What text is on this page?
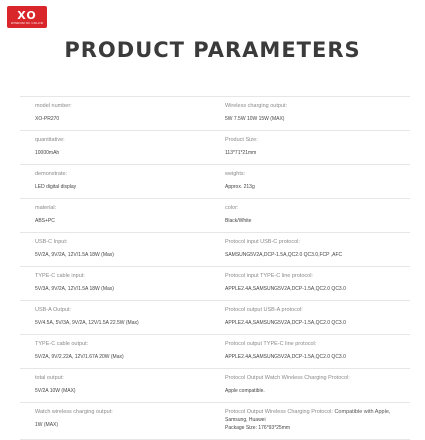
XO
WISDOM OF COLOR
PRODUCT PARAMETERS
model number:
XO-PR270
Wireless charging output:
5W 7.5W 10W 15W (MAX)
quantitative:
10000mAh
Product Size:
113*71*21mm
demonstrate:
LED digital display
weights:
Approx. 213g
material:
ABS+PC
color:
Black/White
USB-C Input:
5V/2A, 9V/2A, 12V/1.5A 18W (Max)
Protocol input USB-C protocol:
SAMSUNG5V2A,DCP-1.5A,QC2.0 QC3.0,FCP ,AFC
TYPE-C cable input:
5V/3A, 9V/2A, 12V/1.5A 18W (Max)
Protocol input TYPE-C line protocol:
APPLE2.4A,SAMSUNG5V2A,DCP-1.5A,QC2.0 QC3.0
USB-A Output:
5V/4.5A, 5V/3A, 9V/2A, 12V/1.5A 22.5W (Max)
Protocol output USB-A protocol:
APPLE2.4A,SAMSUNG5V2A,DCP-1.5A,QC2.0 QC3.0
TYPE-C cable output:
5V/2A, 9V/2.22A, 12V/1.67A 20W (Max)
Protocol output TYPE-C line protocol:
APPLE2.4A,SAMSUNG5V2A,DCP-1.5A,QC2.0 QC3.0
total output:
5V/2A 10W (MAX)
Protocol Output Watch Wireless Charging Protocol:
Apple compatible.
Watch wireless charging output:
1W (MAX)
Protocol Output Wireless Charging Protocol: Compatible with Apple,
Samsung, Huawei
Package Size: 176*93*25mm
